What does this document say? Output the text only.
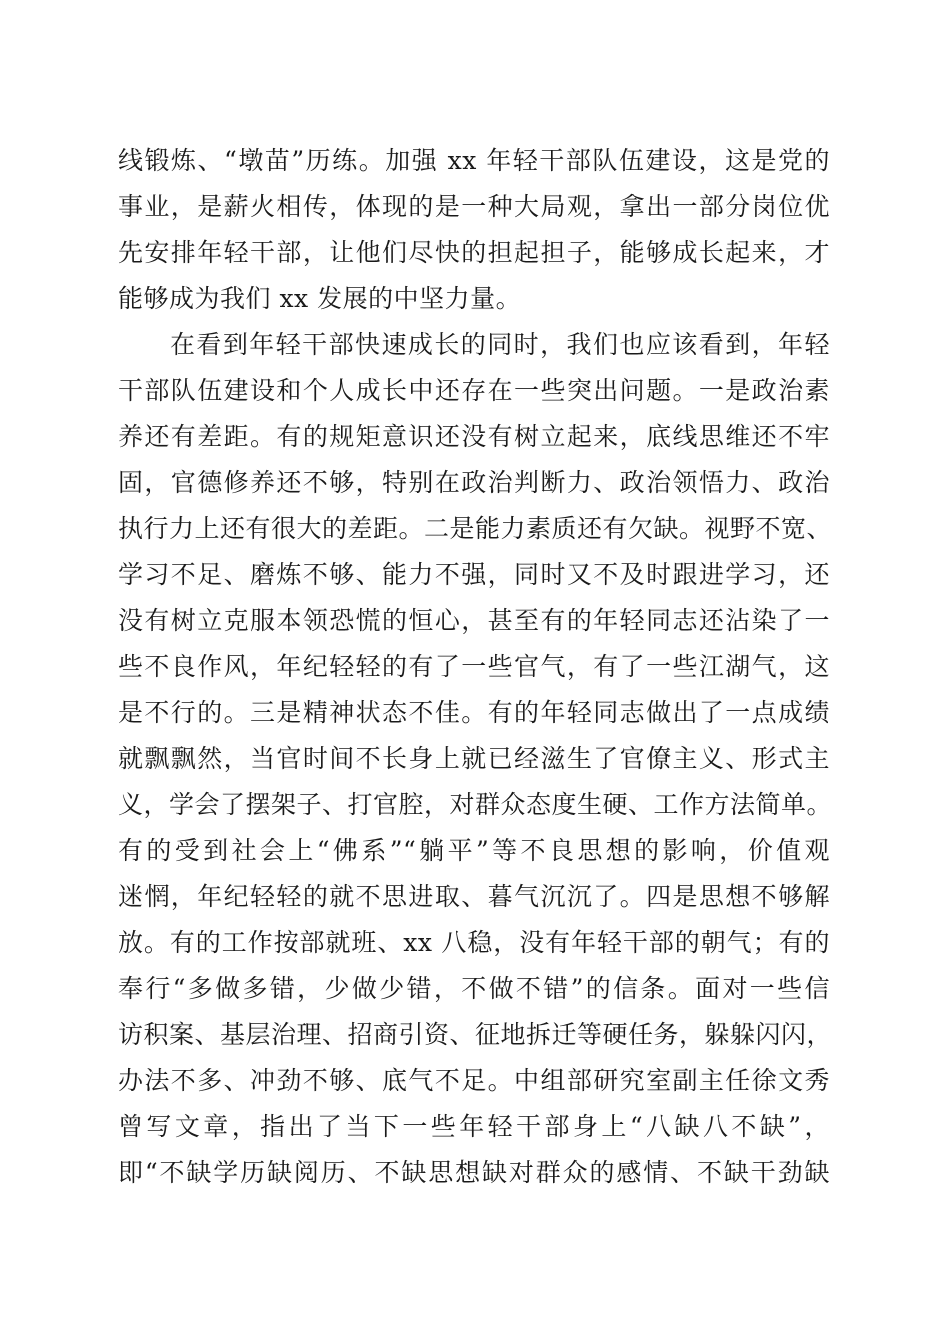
线锻炼、“墩苗”历练。加强 xx 年轻干部队伍建设，这是党的
事业，是薪火相传，体现的是一种大局观，拿出一部分岗位优
先安排年轻干部，让他们尽快的担起担子，能够成长起来，才
能够成为我们 xx 发展的中坚力量。
在看到年轻干部快速成长的同时，我们也应该看到，年轻
干部队伍建设和个人成长中还存在一些突出问题。一是政治素
养还有差距。有的规矩意识还没有树立起来，底线思维还不牢
固，官德修养还不够，特别在政治判断力、政治领悟力、政治
执行力上还有很大的差距。二是能力素质还有欠缺。视野不宽、
学习不足、磨炼不够、能力不强，同时又不及时跟进学习，还
没有树立克服本领恐慌的恒心，甚至有的年轻同志还沾染了一
些不良作风，年纪轻轻的有了一些官气，有了一些江湖气，这
是不行的。三是精神状态不佳。有的年轻同志做出了一点成绩
就飘飘然，当官时间不长身上就已经滋生了官僚主义、形式主
义，学会了摆架子、打官腔，对群众态度生硬、工作方法简单。
有的受到社会上“佛系”“躺平”等不良思想的影响，价值观
迷惘，年纪轻轻的就不思进取、暮气沉沉了。四是思想不够解
放。有的工作按部就班、xx 八稳，没有年轻干部的朝气；有的
奉行“多做多错，少做少错，不做不错”的信条。面对一些信
访积案、基层治理、招商引资、征地拆迁等硬任务，躲躲闪闪，
办法不多、冲劲不够、底气不足。中组部研究室副主任徐文秀
曾写文章，指出了当下一些年轻干部身上“八缺八不缺”，
即“不缺学历缺阅历、不缺思想缺对群众的感情、不缺干劲缺
